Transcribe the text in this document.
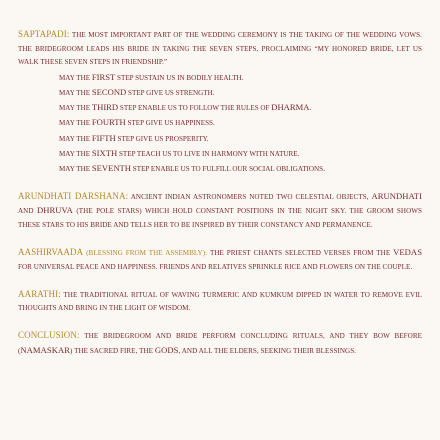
SAPTAPADI: THE MOST IMPORTANT PART OF THE WEDDING CEREMONY IS THE TAKING OF THE WEDDING VOWS. THE BRIDEGROOM LEADS HIS BRIDE IN TAKING THE SEVEN STEPS, PROCLAIMING “MY HONORED BRIDE, LET US WALK THESE SEVEN STEPS IN FRIENDSHIP.”

MAY THE FIRST STEP SUSTAIN US IN BODILY HEALTH.
MAY THE SECOND STEP GIVE US STRENGTH.
MAY THE THIRD STEP ENABLE US TO FOLLOW THE RULES OF DHARMA.
MAY THE FOURTH STEP GIVE US HAPPINESS.
MAY THE FIFTH STEP GIVE US PROSPERITY.
MAY THE SIXTH STEP TEACH US TO LIVE IN HARMONY WITH NATURE.
MAY THE SEVENTH STEP ENABLE US TO FULFILL OUR SOCIAL OBLIGATIONS.

ARUNDHATI DARSHANA: ANCIENT INDIAN ASTRONOMERS NOTED TWO CELESTIAL OBJECTS, ARUNDHATI AND DHRUVA (THE POLE STARS) WHICH HOLD CONSTANT POSITIONS IN THE NIGHT SKY. THE GROOM SHOWS THESE STARS TO HIS BRIDE AND TELLS HER TO BE INSPIRED BY THEIR CONSTANCY AND PERMANENCE.

AASHIRVAADA (BLESSING FROM THE ASSEMBLY): THE PRIEST CHANTS SELECTED VERSES FROM THE VEDAS FOR UNIVERSAL PEACE AND HAPPINESS. FRIENDS AND RELATIVES SPRINKLE RICE AND FLOWERS ON THE COUPLE.

AARATHI: THE TRADITIONAL RITUAL OF WAVING TURMERIC AND KUMKUM DIPPED IN WATER TO REMOVE EVIL THOUGHTS AND BRING IN THE LIGHT OF WISDOM.

CONCLUSION: THE BRIDEGROOM AND BRIDE PERFORM CONCLUDING RITUALS, AND THEY BOW BEFORE (NAMASKAR) THE SACRED FIRE, THE GODS, AND ALL THE ELDERS, SEEKING THEIR BLESSINGS.
